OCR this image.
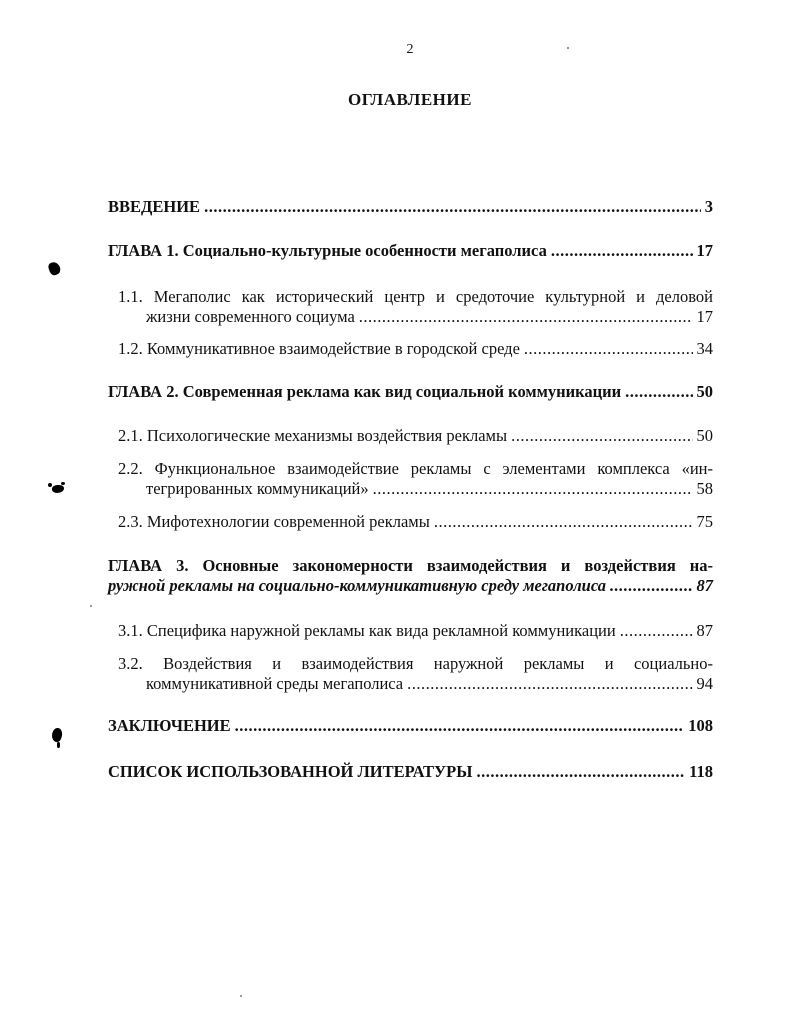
2
ОГЛАВЛЕНИЕ
ВВЕДЕНИЕ .....	3
ГЛАВА 1. Социально-культурные особенности мегаполиса .....	17
1.1. Мегаполис как исторический центр и средоточие культурной и деловой
жизни современного социума .....	17
1.2. Коммуникативное взаимодействие в городской среде .....	34
ГЛАВА 2. Современная реклама как вид социальной коммуникации .....	50
2.1. Психологические механизмы воздействия рекламы .....	50
2.2. Функциональное взаимодействие рекламы с элементами комплекса «ин-
тегрированных коммуникаций» .....	58
2.3. Мифотехнологии современной рекламы .....	75
ГЛАВА 3. Основные закономерности взаимодействия и воздействия на-
ружной рекламы на социально-коммуникативную среду мегаполиса .....	87
3.1. Специфика наружной рекламы как вида рекламной коммуникации .....	87
3.2. Воздействия и взаимодействия наружной рекламы и социально-
коммуникативной среды мегаполиса .....	94
ЗАКЛЮЧЕНИЕ .....	108
СПИСОК ИСПОЛЬЗОВАННОЙ ЛИТЕРАТУРЫ .....	118
